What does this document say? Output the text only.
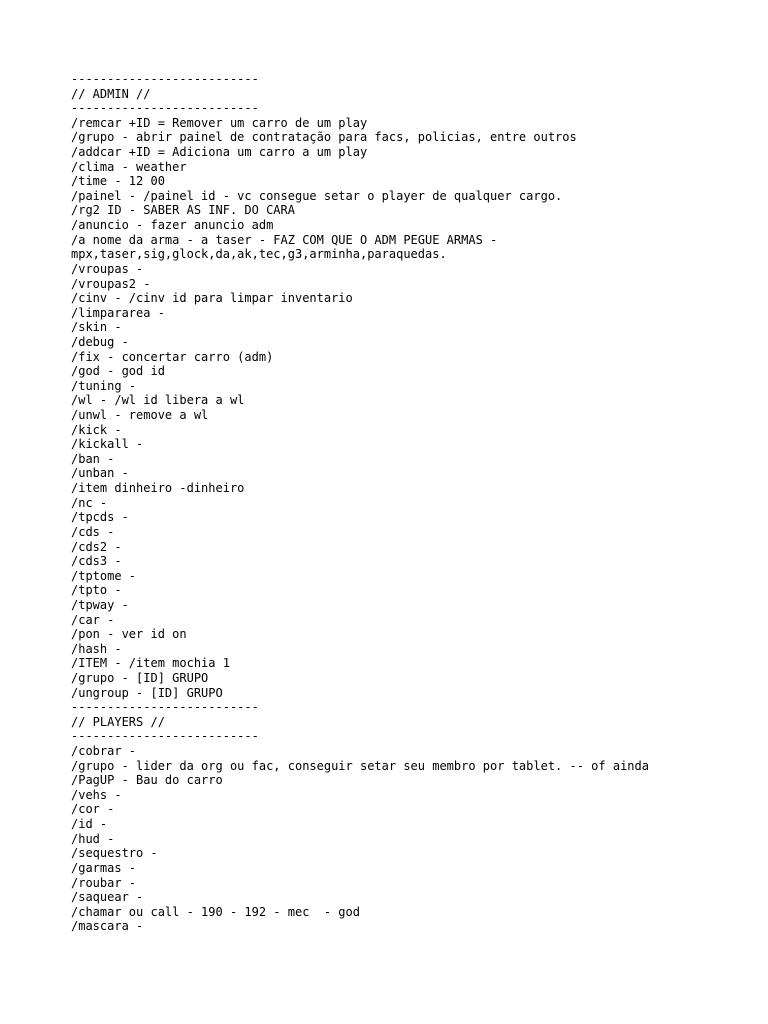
--------------------------
// ADMIN //
--------------------------
/remcar +ID = Remover um carro de um play
/grupo - abrir painel de contratação para facs, policias, entre outros
/addcar +ID = Adiciona um carro a um play
/clima - weather
/time - 12 00
/painel - /painel id - vc consegue setar o player de qualquer cargo.
/rg2 ID - SABER AS INF. DO CARA
/anuncio - fazer anuncio adm
/a nome da arma - a taser - FAZ COM QUE O ADM PEGUE ARMAS -
mpx,taser,sig,glock,da,ak,tec,g3,arminha,paraquedas.
/vroupas -
/vroupas2 -
/cinv - /cinv id para limpar inventario
/limpararea -
/skin -
/debug -
/fix - concertar carro (adm)
/god - god id
/tuning -
/wl - /wl id libera a wl
/unwl - remove a wl
/kick -
/kickall -
/ban -
/unban -
/item dinheiro -dinheiro
/nc -
/tpcds -
/cds -
/cds2 -
/cds3 -
/tptome -
/tpto -
/tpway -
/car -
/pon - ver id on
/hash -
/ITEM - /item mochia 1
/grupo - [ID] GRUPO
/ungroup - [ID] GRUPO
--------------------------
// PLAYERS //
--------------------------
/cobrar -
/grupo - lider da org ou fac, conseguir setar seu membro por tablet. -- of ainda
/PagUP - Bau do carro
/vehs -
/cor -
/id -
/hud -
/sequestro -
/garmas -
/roubar -
/saquear -
/chamar ou call - 190 - 192 - mec  - god
/mascara -
